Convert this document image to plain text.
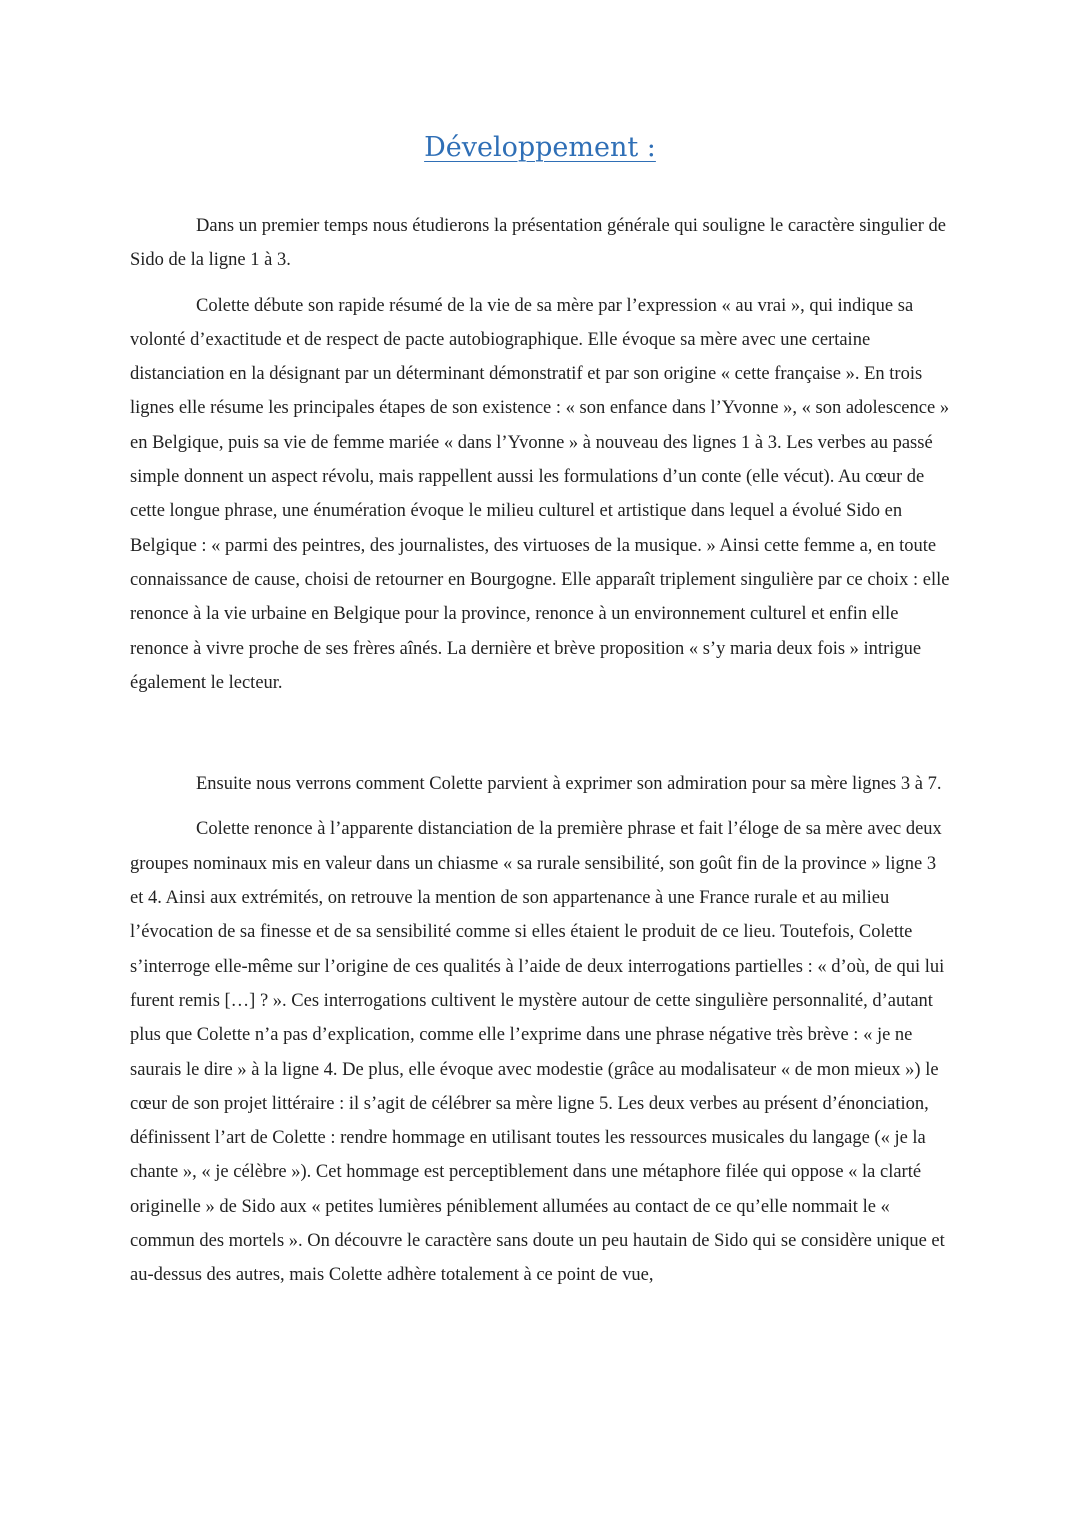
Développement :

Dans un premier temps nous étudierons la présentation générale qui souligne le caractère singulier de Sido de la ligne 1 à 3.

Colette débute son rapide résumé de la vie de sa mère par l’expression « au vrai », qui indique sa volonté d’exactitude et de respect de pacte autobiographique. Elle évoque sa mère avec une certaine distanciation en la désignant par un déterminant démonstratif et par son origine « cette française ». En trois lignes elle résume les principales étapes de son existence : « son enfance dans l’Yvonne », « son adolescence » en Belgique, puis sa vie de femme mariée « dans l’Yvonne » à nouveau des lignes 1 à 3. Les verbes au passé simple donnent un aspect révolu, mais rappellent aussi les formulations d’un conte (elle vécut). Au cœur de cette longue phrase, une énumération évoque le milieu culturel et artistique dans lequel a évolué Sido en Belgique : « parmi des peintres, des journalistes, des virtuoses de la musique. » Ainsi cette femme a, en toute connaissance de cause, choisi de retourner en Bourgogne. Elle apparaît triplement singulière par ce choix : elle renonce à la vie urbaine en Belgique pour la province, renonce à un environnement culturel et enfin elle renonce à vivre proche de ses frères aînés. La dernière et brève proposition « s’y maria deux fois » intrigue également le lecteur.

Ensuite nous verrons comment Colette parvient à exprimer son admiration pour sa mère lignes 3 à 7.

Colette renonce à l’apparente distanciation de la première phrase et fait l’éloge de sa mère avec deux groupes nominaux mis en valeur dans un chiasme « sa rurale sensibilité, son goût fin de la province » ligne 3 et 4. Ainsi aux extrémités, on retrouve la mention de son appartenance à une France rurale et au milieu l’évocation de sa finesse et de sa sensibilité comme si elles étaient le produit de ce lieu. Toutefois, Colette s’interroge elle-même sur l’origine de ces qualités à l’aide de deux interrogations partielles : « d’où, de qui lui furent remis […] ? ». Ces interrogations cultivent le mystère autour de cette singulière personnalité, d’autant plus que Colette n’a pas d’explication, comme elle l’exprime dans une phrase négative très brève : « je ne saurais le dire » à la ligne 4. De plus, elle évoque avec modestie (grâce au modalisateur « de mon mieux ») le cœur de son projet littéraire : il s’agit de célébrer sa mère ligne 5. Les deux verbes au présent d’énonciation, définissent l’art de Colette : rendre hommage en utilisant toutes les ressources musicales du langage (« je la chante », « je célèbre »). Cet hommage est perceptiblement dans une métaphore filée qui oppose « la clarté originelle » de Sido aux « petites lumières péniblement allumées au contact de ce qu’elle nommait le « commun des mortels ». On découvre le caractère sans doute un peu hautain de Sido qui se considère unique et au-dessus des autres, mais Colette adhère totalement à ce point de vue,
